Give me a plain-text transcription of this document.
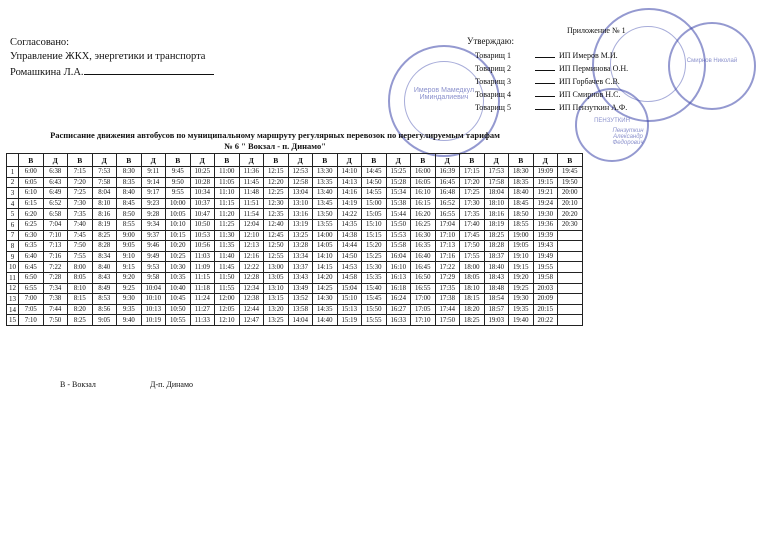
Согласовано:
Управление ЖКХ, энергетики и транспорта
Ромашкина Л.А.
Имеров Мамедкул Иминдалиевич
Смирнов Николай
ПЕНЗУТКИН
Пензуткин Александр Федорович
Приложение № 1
Утверждаю:
Товарищ 1	ИП Имеров М.И.
Товарищ 2	ИП Перминова О.Н.
Товарищ 3	ИП Горбачев С.В.
Товарищ 4	ИП Смирнов Н.С.
Товарищ 5	ИП Пензуткин А.Ф.
Расписание движения автобусов по муниципальному маршруту регулярных перевозок по нерегулируемым тарифам
№ 6 " Вокзал - п. Динамо"
	В	Д	В	Д	В	Д	В	Д	В	Д	В	Д	В	Д	В	Д	В	Д	В	Д	В	Д	В
1	6:00	6:38	7:15	7:53	8:30	9:11	9:45	10:25	11:00	11:36	12:15	12:53	13:30	14:10	14:45	15:25	16:00	16:39	17:15	17:53	18:30	19:09	19:45
2	6:05	6:43	7:20	7:58	8:35	9:14	9:50	10:28	11:05	11:45	12:20	12:58	13:35	14:13	14:50	15:28	16:05	16:45	17:20	17:58	18:35	19:15	19:50
3	6:10	6:49	7:25	8:04	8:40	9:17	9:55	10:34	11:10	11:48	12:25	13:04	13:40	14:16	14:55	15:34	16:10	16:48	17:25	18:04	18:40	19:21	20:00
4	6:15	6:52	7:30	8:10	8:45	9:23	10:00	10:37	11:15	11:51	12:30	13:10	13:45	14:19	15:00	15:38	16:15	16:52	17:30	18:10	18:45	19:24	20:10
5	6:20	6:58	7:35	8:16	8:50	9:28	10:05	10:47	11:20	11:54	12:35	13:16	13:50	14:22	15:05	15:44	16:20	16:55	17:35	18:16	18:50	19:30	20:20
6	6:25	7:04	7:40	8:19	8:55	9:34	10:10	10:50	11:25	12:04	12:40	13:19	13:55	14:35	15:10	15:50	16:25	17:04	17:40	18:19	18:55	19:36	20:30
7	6:30	7:10	7:45	8:25	9:00	9:37	10:15	10:53	11:30	12:10	12:45	13:25	14:00	14:38	15:15	15:53	16:30	17:10	17:45	18:25	19:00	19:39	
8	6:35	7:13	7:50	8:28	9:05	9:46	10:20	10:56	11:35	12:13	12:50	13:28	14:05	14:44	15:20	15:58	16:35	17:13	17:50	18:28	19:05	19:43	
9	6:40	7:16	7:55	8:34	9:10	9:49	10:25	11:03	11:40	12:16	12:55	13:34	14:10	14:50	15:25	16:04	16:40	17:16	17:55	18:37	19:10	19:49	
10	6:45	7:22	8:00	8:40	9:15	9:53	10:30	11:09	11:45	12:22	13:00	13:37	14:15	14:53	15:30	16:10	16:45	17:22	18:00	18:40	19:15	19:55	
11	6:50	7:28	8:05	8:43	9:20	9:58	10:35	11:15	11:50	12:28	13:05	13:43	14:20	14:58	15:35	16:13	16:50	17:29	18:05	18:43	19:20	19:58	
12	6:55	7:34	8:10	8:49	9:25	10:04	10:40	11:18	11:55	12:34	13:10	13:49	14:25	15:04	15:40	16:18	16:55	17:35	18:10	18:48	19:25	20:03	
13	7:00	7:38	8:15	8:53	9:30	10:10	10:45	11:24	12:00	12:38	13:15	13:52	14:30	15:10	15:45	16:24	17:00	17:38	18:15	18:54	19:30	20:09	
14	7:05	7:44	8:20	8:56	9:35	10:13	10:50	11:27	12:05	12:44	13:20	13:58	14:35	15:13	15:50	16:27	17:05	17:44	18:20	18:57	19:35	20:15	
15	7:10	7:50	8:25	9:05	9:40	10:19	10:55	11:33	12:10	12:47	13:25	14:04	14:40	15:19	15:55	16:33	17:10	17:50	18:25	19:03	19:40	20:22	
В - Вокзал	Д-п. Динамо
